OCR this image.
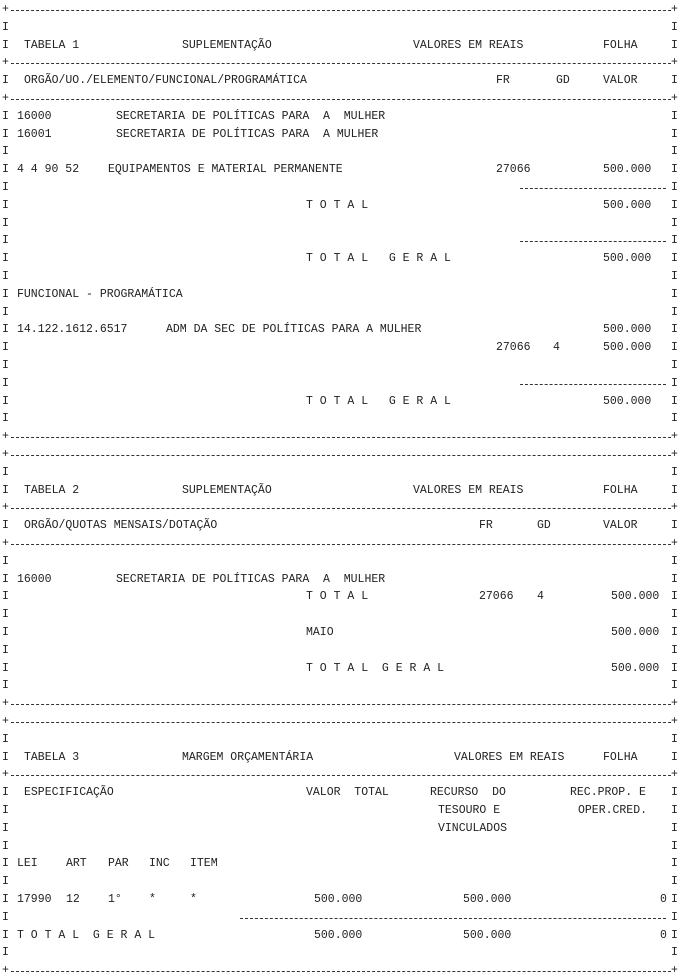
+	+
I	I
I TABELA 1	SUPLEMENTAÇÃO	VALORES EM REAIS	FOLHA	I
+	+
I ORGÃO/UO./ELEMENTO/FUNCIONAL/PROGRAMÁTICA	FR	GD	VALOR	I
+	+
I 16000	SECRETARIA DE POLÍTICAS PARA  A  MULHER	I
I 16001	SECRETARIA DE POLÍTICAS PARA  A MULHER	I
I	I
I 4 4 90 52	EQUIPAMENTOS E MATERIAL PERMANENTE	27066	500.000 I
I	I
I	T O T A L	500.000 I
I	I
I	I
I	T O T A L   G E R A L	500.000 I
I	I
I FUNCIONAL - PROGRAMÁTICA	I
I	I
I 14.122.1612.6517	ADM DA SEC DE POLÍTICAS PARA A MULHER	500.000 I
I	27066 4	500.000 I
I	I
I	I
I	T O T A L   G E R A L	500.000 I
I	I
+	+
+	+
I	I
I TABELA 2	SUPLEMENTAÇÃO	VALORES EM REAIS	FOLHA	I
+	+
I ORGÃO/QUOTAS MENSAIS/DOTAÇÃO	FR	GD	VALOR	I
+	+
I	I
I 16000	SECRETARIA DE POLÍTICAS PARA  A  MULHER	I
I	T O T A L	27066 4	500.000 I
I	I
I	MAIO	500.000 I
I	I
I	T O T A L  G E R A L	500.000 I
I	I
+	+
+	+
I	I
I TABELA 3	MARGEM ORÇAMENTÁRIA	VALORES EM REAIS	FOLHA	I
+	+
I ESPECIFICAÇÃO	VALOR  TOTAL	RECURSO  DO	REC.PROP. E I
I	TESOURO E	OPER.CRED. I
I	VINCULADOS	I
I	I
I LEI ART PAR INC ITEM	I
I	I
I 17990 12 1° *	*	500.000	500.000	0 I
I	I
I T O T A L  G E R A L	500.000	500.000	0 I
I	I
+	+
